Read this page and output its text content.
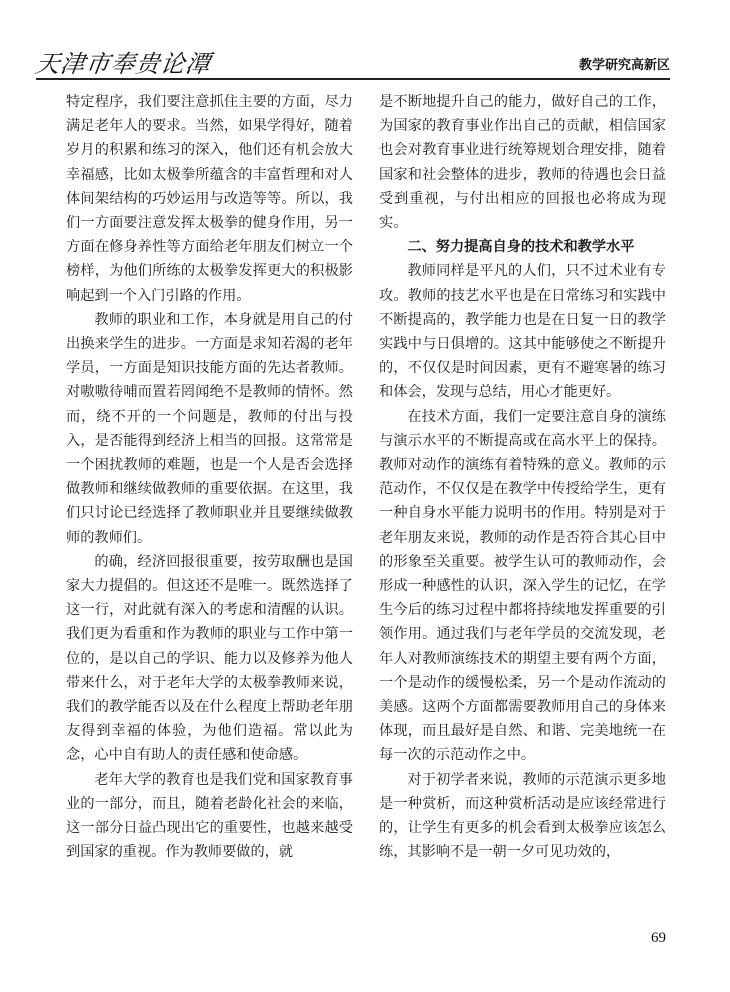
天津市奉贵论潭	教学研究高新区

特定程序，我们要注意抓住主要的方面，尽力满足老年人的要求。当然，如果学得好，随着岁月的积累和练习的深入，他们还有机会放大幸福感，比如太极拳所蕴含的丰富哲理和对人体间架结构的巧妙运用与改造等等。所以，我们一方面要注意发挥太极拳的健身作用，另一方面在修身养性等方面给老年朋友们树立一个榜样，为他们所练的太极拳发挥更大的积极影响起到一个入门引路的作用。

教师的职业和工作，本身就是用自己的付出换来学生的进步。一方面是求知若渴的老年学员，一方面是知识技能方面的先达者教师。对嗷嗷待哺而置若罔闻绝不是教师的情怀。然而，绕不开的一个问题是，教师的付出与投入，是否能得到经济上相当的回报。这常常是一个困扰教师的难题，也是一个人是否会选择做教师和继续做教师的重要依据。在这里，我们只讨论已经选择了教师职业并且要继续做教师的教师们。

的确，经济回报很重要，按劳取酬也是国家大力提倡的。但这还不是唯一。既然选择了这一行，对此就有深入的考虑和清醒的认识。我们更为看重和作为教师的职业与工作中第一位的，是以自己的学识、能力以及修养为他人带来什么，对于老年大学的太极拳教师来说，我们的教学能否以及在什么程度上帮助老年朋友得到幸福的体验，为他们造福。常以此为念，心中自有助人的责任感和使命感。

老年大学的教育也是我们党和国家教育事业的一部分，而且，随着老龄化社会的来临，这一部分日益凸现出它的重要性，也越来越受到国家的重视。作为教师要做的，就

是不断地提升自己的能力，做好自己的工作，为国家的教育事业作出自己的贡献，相信国家也会对教育事业进行统筹规划合理安排，随着国家和社会整体的进步，教师的待遇也会日益受到重视，与付出相应的回报也必将成为现实。

二、努力提高自身的技术和教学水平

教师同样是平凡的人们，只不过术业有专攻。教师的技艺水平也是在日常练习和实践中不断提高的，教学能力也是在日复一日的教学实践中与日俱增的。这其中能够使之不断提升的，不仅仅是时间因素，更有不避寒暑的练习和体会，发现与总结，用心才能更好。

在技术方面，我们一定要注意自身的演练与演示水平的不断提高或在高水平上的保持。教师对动作的演练有着特殊的意义。教师的示范动作，不仅仅是在教学中传授给学生，更有一种自身水平能力说明书的作用。特别是对于老年朋友来说，教师的动作是否符合其心目中的形象至关重要。被学生认可的教师动作，会形成一种感性的认识，深入学生的记忆，在学生今后的练习过程中都将持续地发挥重要的引领作用。通过我们与老年学员的交流发现，老年人对教师演练技术的期望主要有两个方面，一个是动作的缓慢松柔，另一个是动作流动的美感。这两个方面都需要教师用自己的身体来体现，而且最好是自然、和谐、完美地统一在每一次的示范动作之中。

对于初学者来说，教师的示范演示更多地是一种赏析，而这种赏析活动是应该经常进行的，让学生有更多的机会看到太极拳应该怎么练，其影响不是一朝一夕可见功效的，

69
